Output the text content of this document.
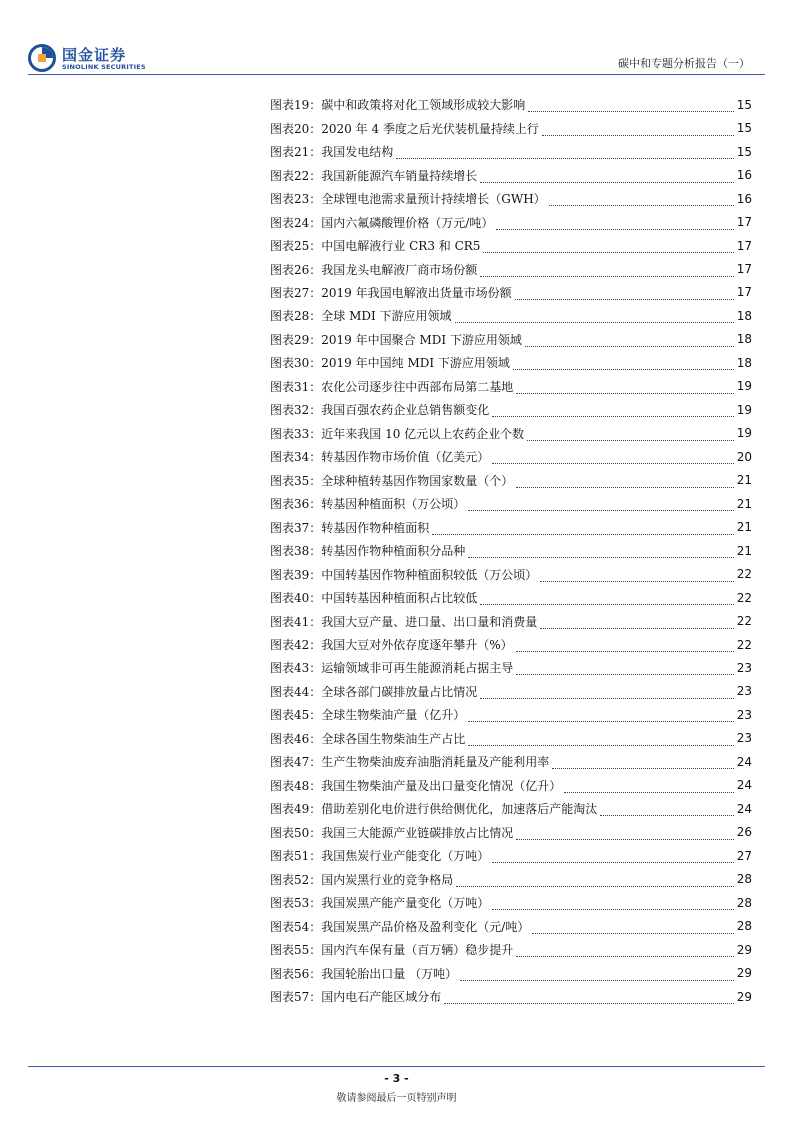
国金证券
SINOLINK SECURITIES	碳中和专题分析报告（一）
图表19： 碳中和政策将对化工领域形成较大影响	15
图表20： 2020 年 4 季度之后光伏装机量持续上行	15
图表21： 我国发电结构	15
图表22： 我国新能源汽车销量持续增长	16
图表23： 全球锂电池需求量预计持续增长（GWH）	16
图表24： 国内六氟磷酸锂价格（万元/吨）	17
图表25： 中国电解液行业 CR3 和 CR5	17
图表26： 我国龙头电解液厂商市场份额	17
图表27： 2019 年我国电解液出货量市场份额	17
图表28： 全球 MDI 下游应用领域	18
图表29： 2019 年中国聚合 MDI 下游应用领域	18
图表30： 2019 年中国纯 MDI 下游应用领域	18
图表31： 农化公司逐步往中西部布局第二基地	19
图表32： 我国百强农药企业总销售额变化	19
图表33： 近年来我国 10 亿元以上农药企业个数	19
图表34： 转基因作物市场价值（亿美元）	20
图表35： 全球种植转基因作物国家数量（个）	21
图表36： 转基因种植面积（万公顷）	21
图表37： 转基因作物种植面积	21
图表38： 转基因作物种植面积分品种	21
图表39： 中国转基因作物种植面积较低（万公顷）	22
图表40： 中国转基因种植面积占比较低	22
图表41： 我国大豆产量、进口量、出口量和消费量	22
图表42： 我国大豆对外依存度逐年攀升（%）	22
图表43： 运输领域非可再生能源消耗占据主导	23
图表44： 全球各部门碳排放量占比情况	23
图表45： 全球生物柴油产量（亿升）	23
图表46： 全球各国生物柴油生产占比	23
图表47： 生产生物柴油废弃油脂消耗量及产能利用率	24
图表48： 我国生物柴油产量及出口量变化情况（亿升）	24
图表49： 借助差别化电价进行供给侧优化，加速落后产能淘汰	24
图表50： 我国三大能源产业链碳排放占比情况	26
图表51： 我国焦炭行业产能变化（万吨）	27
图表52： 国内炭黑行业的竞争格局	28
图表53： 我国炭黑产能产量变化（万吨）	28
图表54： 我国炭黑产品价格及盈利变化（元/吨）	28
图表55： 国内汽车保有量（百万辆）稳步提升	29
图表56： 我国轮胎出口量 （万吨）	29
图表57： 国内电石产能区域分布	29
- 3 -
敬请参阅最后一页特别声明
